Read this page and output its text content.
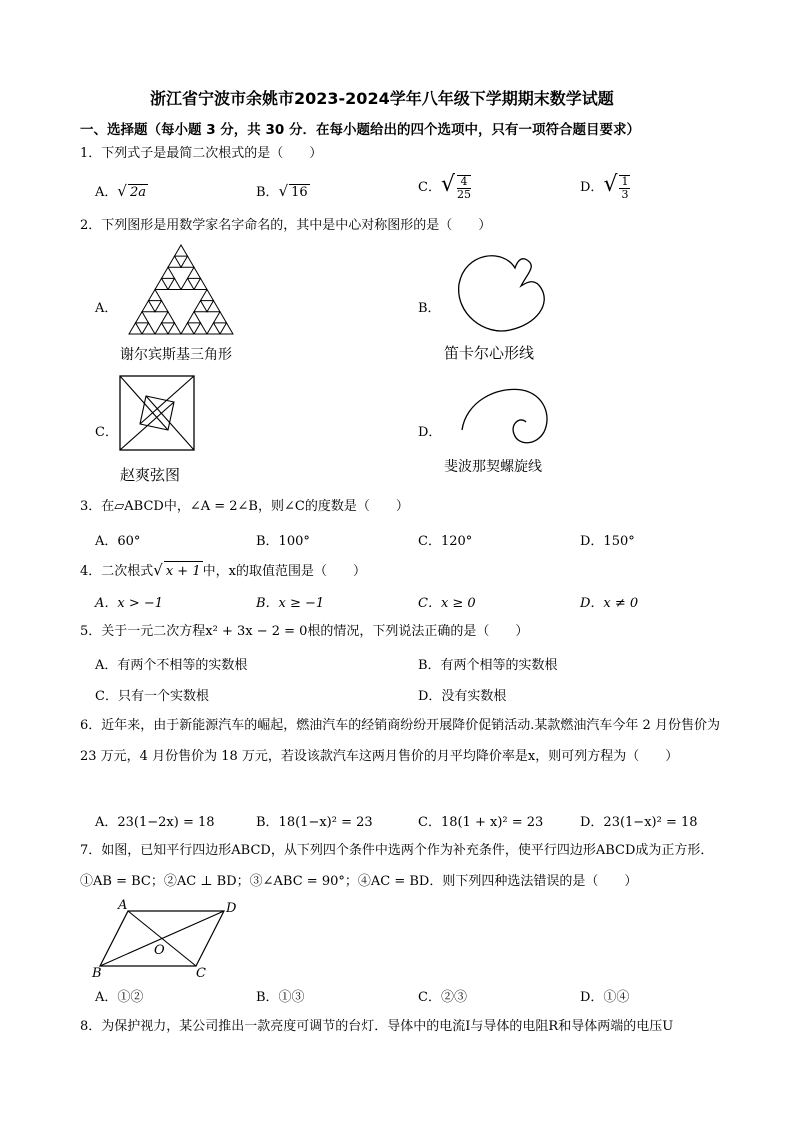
浙江省宁波市余姚市2023-2024学年八年级下学期期末数学试题
一、选择题（每小题 3 分，共 30 分．在每小题给出的四个选项中，只有一项符合题目要求）
1．下列式子是最简二次根式的是（　　）
A．√ 2a	B．√ 16	C．√ $\frac{4}{25}$	D．√ $\frac{1}{3}$
2．下列图形是用数学家名字命名的，其中是中心对称图形的是（　　）
A．
谢尔宾斯基三角形
B．
笛卡尔心形线
C．
赵爽弦图
D．
斐波那契螺旋线
3．在▱ABCD中，∠A = 2∠B，则∠C的度数是（　　）
A．60°	B．100°	C．120°	D．150°
4．二次根式√ x + 1 中，x的取值范围是（　　）
A．x > −1	B．x ≥ −1	C．x ≥ 0	D．x ≠ 0
5．关于一元二次方程x² + 3x − 2 = 0根的情况，下列说法正确的是（　　）
A．有两个不相等的实数根	B．有两个相等的实数根
C．只有一个实数根	D．没有实数根
6．近年来，由于新能源汽车的崛起，燃油汽车的经销商纷纷开展降价促销活动.某款燃油汽车今年 2 月份售价为 23 万元，4 月份售价为 18 万元，若设该款汽车这两月售价的月平均降价率是x，则可列方程为（　　）
A．23(1−2x) = 18	B．18(1−x)² = 23	C．18(1 + x)² = 23	D．23(1−x)² = 18
7．如图，已知平行四边形ABCD，从下列四个条件中选两个作为补充条件，使平行四边形ABCD成为正方形．①AB = BC；②AC ⊥ BD；③∠ABC = 90°；④AC = BD．则下列四种选法错误的是（　　）
A	D
O
B	C
A．①②	B．①③	C．②③	D．①④
8．为保护视力，某公司推出一款亮度可调节的台灯．导体中的电流I与导体的电阻R和导体两端的电压U
